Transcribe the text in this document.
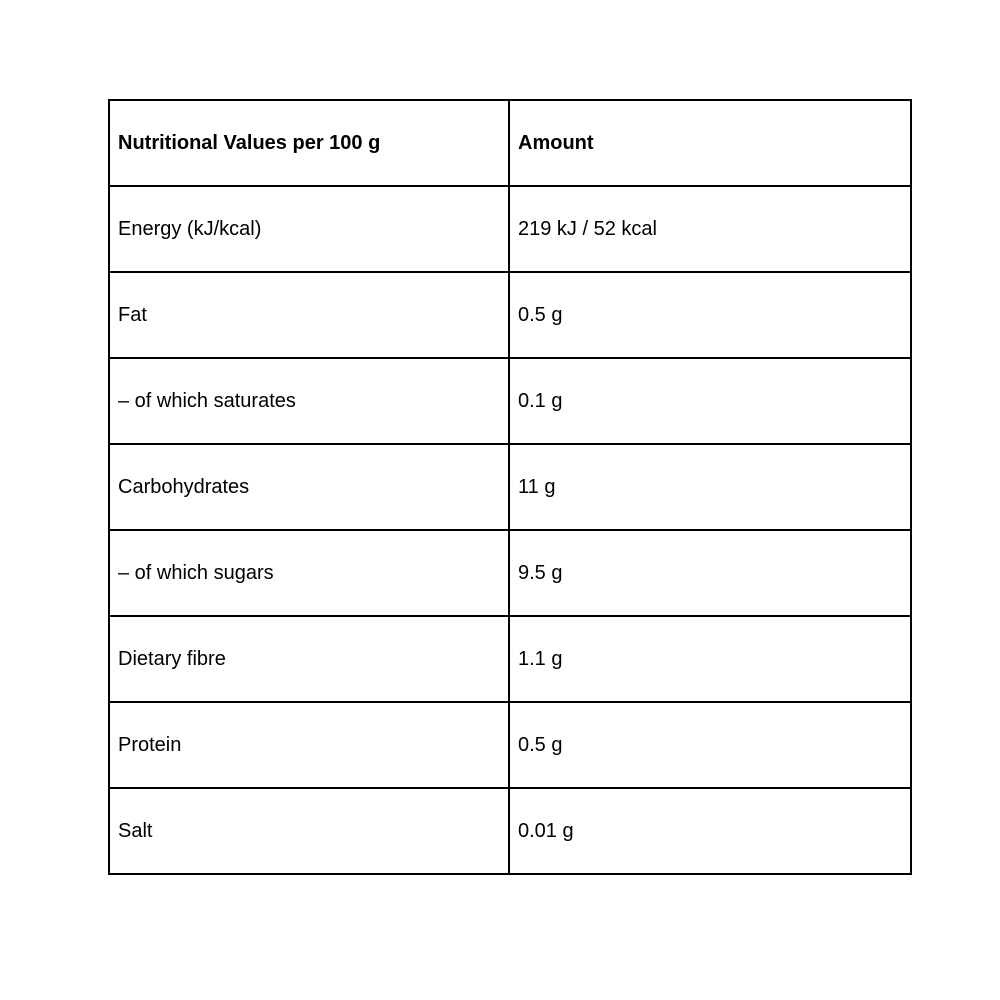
Nutritional Values per 100 g	Amount
Energy (kJ/kcal)	219 kJ / 52 kcal
Fat	0.5 g
– of which saturates	0.1 g
Carbohydrates	11 g
– of which sugars	9.5 g
Dietary fibre	1.1 g
Protein	0.5 g
Salt	0.01 g
